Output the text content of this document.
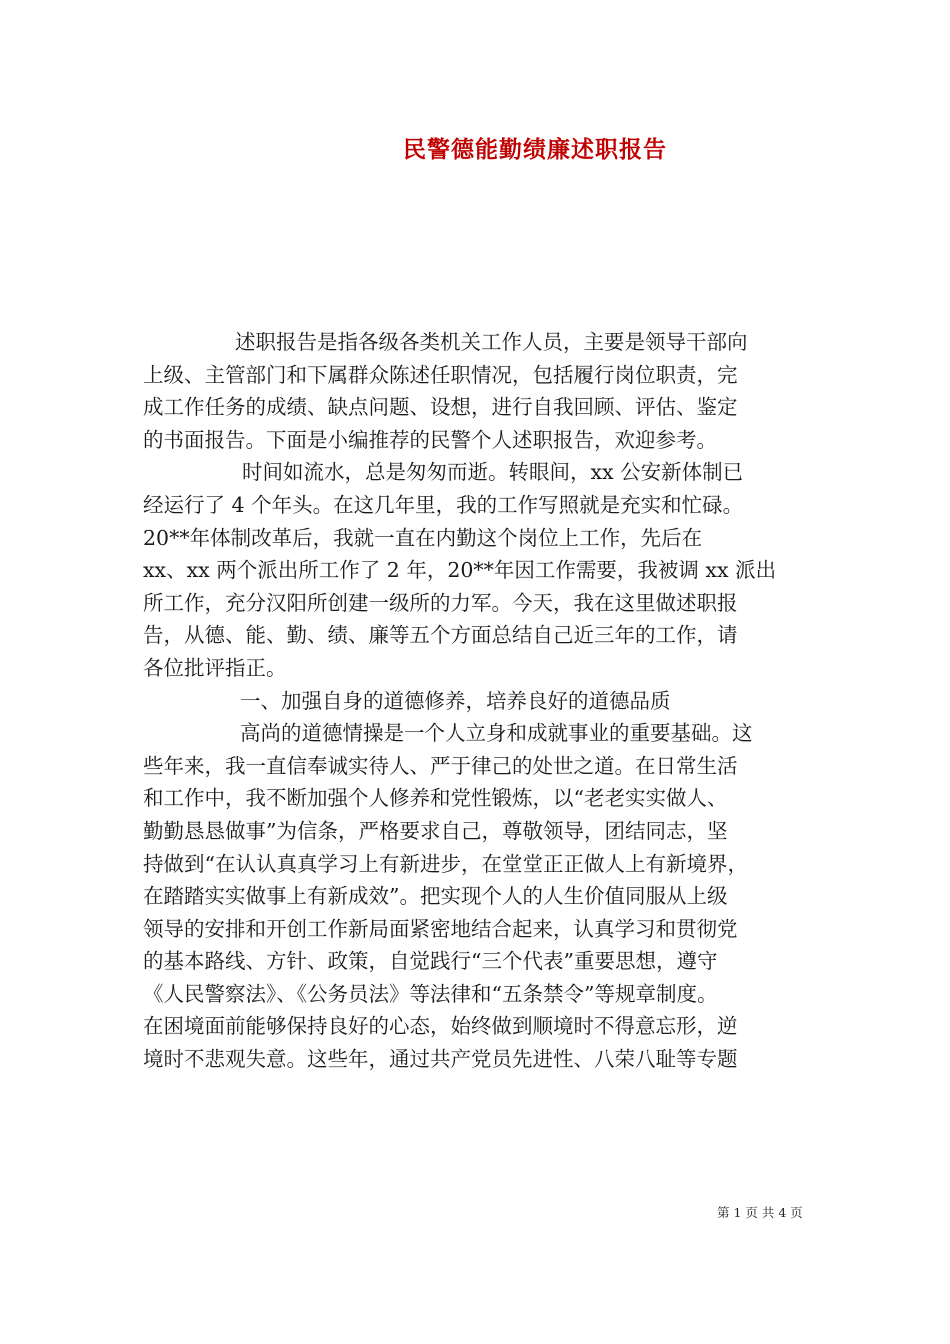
民警德能勤绩廉述职报告
述职报告是指各级各类机关工作人员，主要是领导干部向
上级、主管部门和下属群众陈述任职情况，包括履行岗位职责，完
成工作任务的成绩、缺点问题、设想，进行自我回顾、评估、鉴定
的书面报告。下面是小编推荐的民警个人述职报告，欢迎参考。
时间如流水，总是匆匆而逝。转眼间，xx 公安新体制已
经运行了 4 个年头。在这几年里，我的工作写照就是充实和忙碌。
20**年体制改革后，我就一直在内勤这个岗位上工作，先后在
xx、xx 两个派出所工作了 2 年，20**年因工作需要，我被调 xx 派出
所工作，充分汉阳所创建一级所的力军。今天，我在这里做述职报
告，从德、能、勤、绩、廉等五个方面总结自己近三年的工作，请
各位批评指正。
一、加强自身的道德修养，培养良好的道德品质
高尚的道德情操是一个人立身和成就事业的重要基础。这
些年来，我一直信奉诚实待人、严于律己的处世之道。在日常生活
和工作中，我不断加强个人修养和党性锻炼，以“老老实实做人、
勤勤恳恳做事”为信条，严格要求自己，尊敬领导，团结同志，坚
持做到“在认认真真学习上有新进步，在堂堂正正做人上有新境界，
在踏踏实实做事上有新成效”。把实现个人的人生价值同服从上级
领导的安排和开创工作新局面紧密地结合起来，认真学习和贯彻党
的基本路线、方针、政策，自觉践行“三个代表”重要思想，遵守
《人民警察法》、《公务员法》等法律和“五条禁令”等规章制度。
在困境面前能够保持良好的心态，始终做到顺境时不得意忘形，逆
境时不悲观失意。这些年，通过共产党员先进性、八荣八耻等专题
第 1 页 共 4 页
